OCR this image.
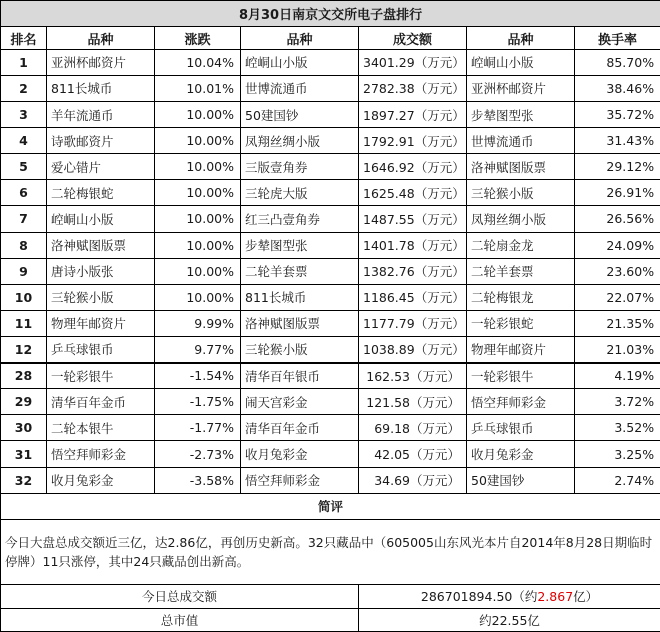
8月30日南京文交所电子盘排行						
排名	品种	涨跌	品种	成交额	品种	换手率
1	亚洲杯邮资片	10.04%	崆峒山小版	3401.29（万元）	崆峒山小版	85.70%
2	811长城币	10.01%	世博流通币	2782.38（万元）	亚洲杯邮资片	38.46%
3	羊年流通币	10.00%	50建国钞	1897.27（万元）	步辇图型张	35.72%
4	诗歌邮资片	10.00%	凤翔丝绸小版	1792.91（万元）	世博流通币	31.43%
5	爱心错片	10.00%	三版壹角券	1646.92（万元）	洛神赋图版票	29.12%
6	二轮梅银蛇	10.00%	三轮虎大版	1625.48（万元）	三轮猴小版	26.91%
7	崆峒山小版	10.00%	红三凸壹角券	1487.55（万元）	凤翔丝绸小版	26.56%
8	洛神赋图版票	10.00%	步辇图型张	1401.78（万元）	二轮扇金龙	24.09%
9	唐诗小版张	10.00%	二轮羊套票	1382.76（万元）	二轮羊套票	23.60%
10	三轮猴小版	10.00%	811长城币	1186.45（万元）	二轮梅银龙	22.07%
11	物理年邮资片	9.99%	洛神赋图版票	1177.79（万元）	一轮彩银蛇	21.35%
12	乒乓球银币	9.77%	三轮猴小版	1038.89（万元）	物理年邮资片	21.03%
28	一轮彩银牛	-1.54%	清华百年银币	162.53（万元）	一轮彩银牛	4.19%
29	清华百年金币	-1.75%	闹天宫彩金	121.58（万元）	悟空拜师彩金	3.72%
30	二轮本银牛	-1.77%	清华百年金币	69.18（万元）	乒乓球银币	3.52%
31	悟空拜师彩金	-2.73%	收月兔彩金	42.05（万元）	收月兔彩金	3.25%
32	收月兔彩金	-3.58%	悟空拜师彩金	34.69（万元）	50建国钞	2.74%
简评						
今日大盘总成交额近三亿，达2.86亿，再创历史新高。32只藏品中（605005山东风光本片自2014年8月28日期临时停牌）11只涨停，其中24只藏品创出新高。						
今日总成交额				286701894.50（约2.867亿）		
总市值				约22.55亿		
